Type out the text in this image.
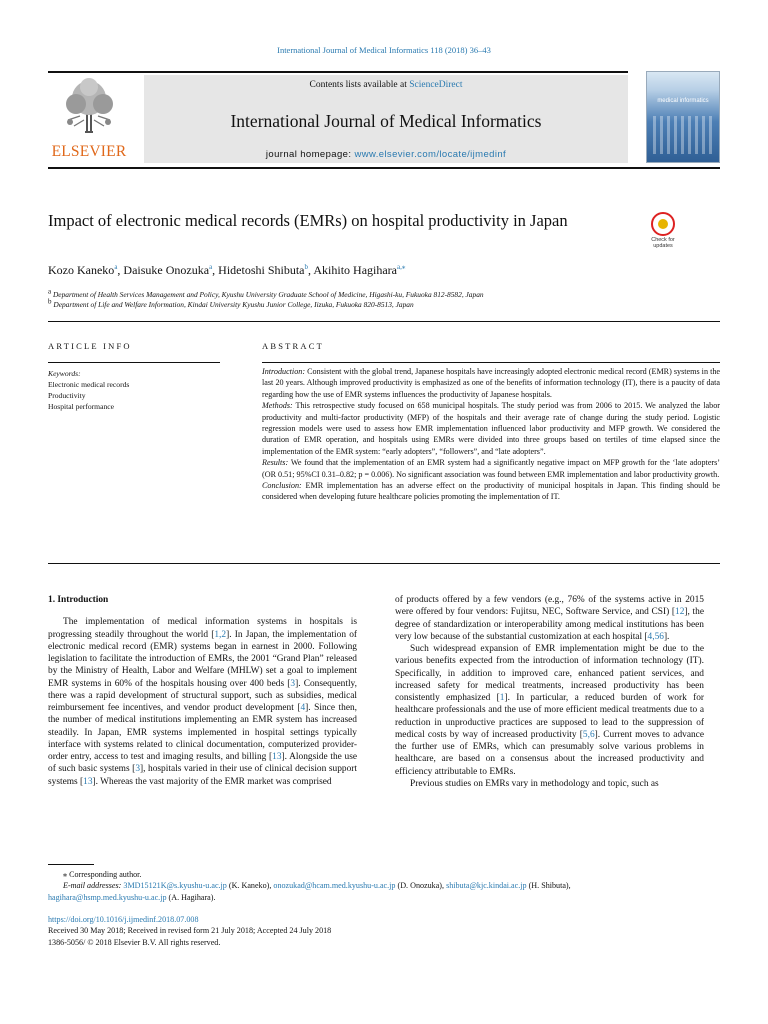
International Journal of Medical Informatics 118 (2018) 36–43
ELSEVIER
Contents lists available at ScienceDirect
International Journal of Medical Informatics
journal homepage: www.elsevier.com/locate/ijmedinf
medical informatics
Impact of electronic medical records (EMRs) on hospital productivity in Japan
Check for updates
Kozo Kaneko$^a$, Daisuke Onozuka$^a$, Hidetoshi Shibuta$^b$, Akihito Hagihara$^{a,⁎}$
$^a$ Department of Health Services Management and Policy, Kyushu University Graduate School of Medicine, Higashi-ku, Fukuoka 812-8582, Japan
$^b$ Department of Life and Welfare Information, Kindai University Kyushu Junior College, Iizuka, Fukuoka 820-8513, Japan
ARTICLE INFO	ABSTRACT
Keywords:
Electronic medical records
Productivity
Hospital performance

Introduction: Consistent with the global trend, Japanese hospitals have increasingly adopted electronic medical record (EMR) systems in the last 20 years. Although improved productivity is emphasized as one of the benefits of information technology (IT), there is a paucity of data regarding how the use of EMR systems influences the productivity of Japanese hospitals.

Methods: This retrospective study focused on 658 municipal hospitals. The study period was from 2006 to 2015. We analyzed the labor productivity and multi-factor productivity (MFP) of the hospitals and their average rate of change during the study period. Logistic regression models were used to assess how EMR implementation influenced labor productivity and MFP growth. We considered the duration of EMR operation, and hospitals using EMRs were divided into three groups based on tertiles of time elapsed since the implementation of the EMR system: “early adopters”, “followers”, and “late adopters”.

Results: We found that the implementation of an EMR system had a significantly negative impact on MFP growth for the ‘late adopters’ (OR 0.51; 95%CI 0.31–0.82; p = 0.006). No significant association was found between EMR implementation and labor productivity growth.

Conclusion: EMR implementation has an adverse effect on the productivity of municipal hospitals in Japan. This finding should be considered when developing future healthcare policies promoting the implementation of IT.

1. Introduction

The implementation of medical information systems in hospitals is progressing steadily throughout the world [1,2]. In Japan, the implementation of electronic medical record (EMR) systems began in earnest in 2000. Following legislation to facilitate the introduction of EMRs, the 2001 “Grand Plan” released by the Ministry of Health, Labor and Welfare (MHLW) set a goal to implement EMR systems in 60% of the hospitals housing over 400 beds [3]. Consequently, there was a rapid development of structural support, such as subsidies, medical reimbursement fee incentives, and vendor product development [4]. Since then, the number of medical institutions implementing an EMR system has increased steadily. In Japan, EMR systems implemented in hospital settings typically interface with systems related to clinical documentation, computerized provider-order entry, access to test and imaging results, and billing [13]. Alongside the use of such basic systems [3], hospitals varied in their use of clinical decision support systems [13]. Whereas the vast majority of the EMR market was comprised

of products offered by a few vendors (e.g., 76% of the systems active in 2015 were offered by four vendors: Fujitsu, NEC, Software Service, and CSI) [12], the degree of standardization or interoperability among medical institutions has been very low because of the substantial customization at each hospital [4,56].

Such widespread expansion of EMR implementation might be due to the various benefits expected from the introduction of information technology (IT). Specifically, in addition to improved care, enhanced patient services, and increased safety for medical treatments, increased productivity has been consistently emphasized [1]. In particular, a reduced burden of work for healthcare professionals and the use of more efficient medical treatments due to a reduction in unproductive practices are supposed to lead to the suppression of medical costs by way of increased productivity [5,6]. Current moves to advance the further use of EMRs, which can presumably solve various problems in healthcare, are based on a consensus about the increased productivity and efficiency attributable to EMRs.

Previous studies on EMRs vary in methodology and topic, such as

⁎ Corresponding author.
E-mail addresses: 3MD15121K@s.kyushu-u.ac.jp (K. Kaneko), onozukad@hcam.med.kyushu-u.ac.jp (D. Onozuka), shibuta@kjc.kindai.ac.jp (H. Shibuta),
hagihara@hsmp.med.kyushu-u.ac.jp (A. Hagihara).
https://doi.org/10.1016/j.ijmedinf.2018.07.008
Received 30 May 2018; Received in revised form 21 July 2018; Accepted 24 July 2018
1386-5056/ © 2018 Elsevier B.V. All rights reserved.
